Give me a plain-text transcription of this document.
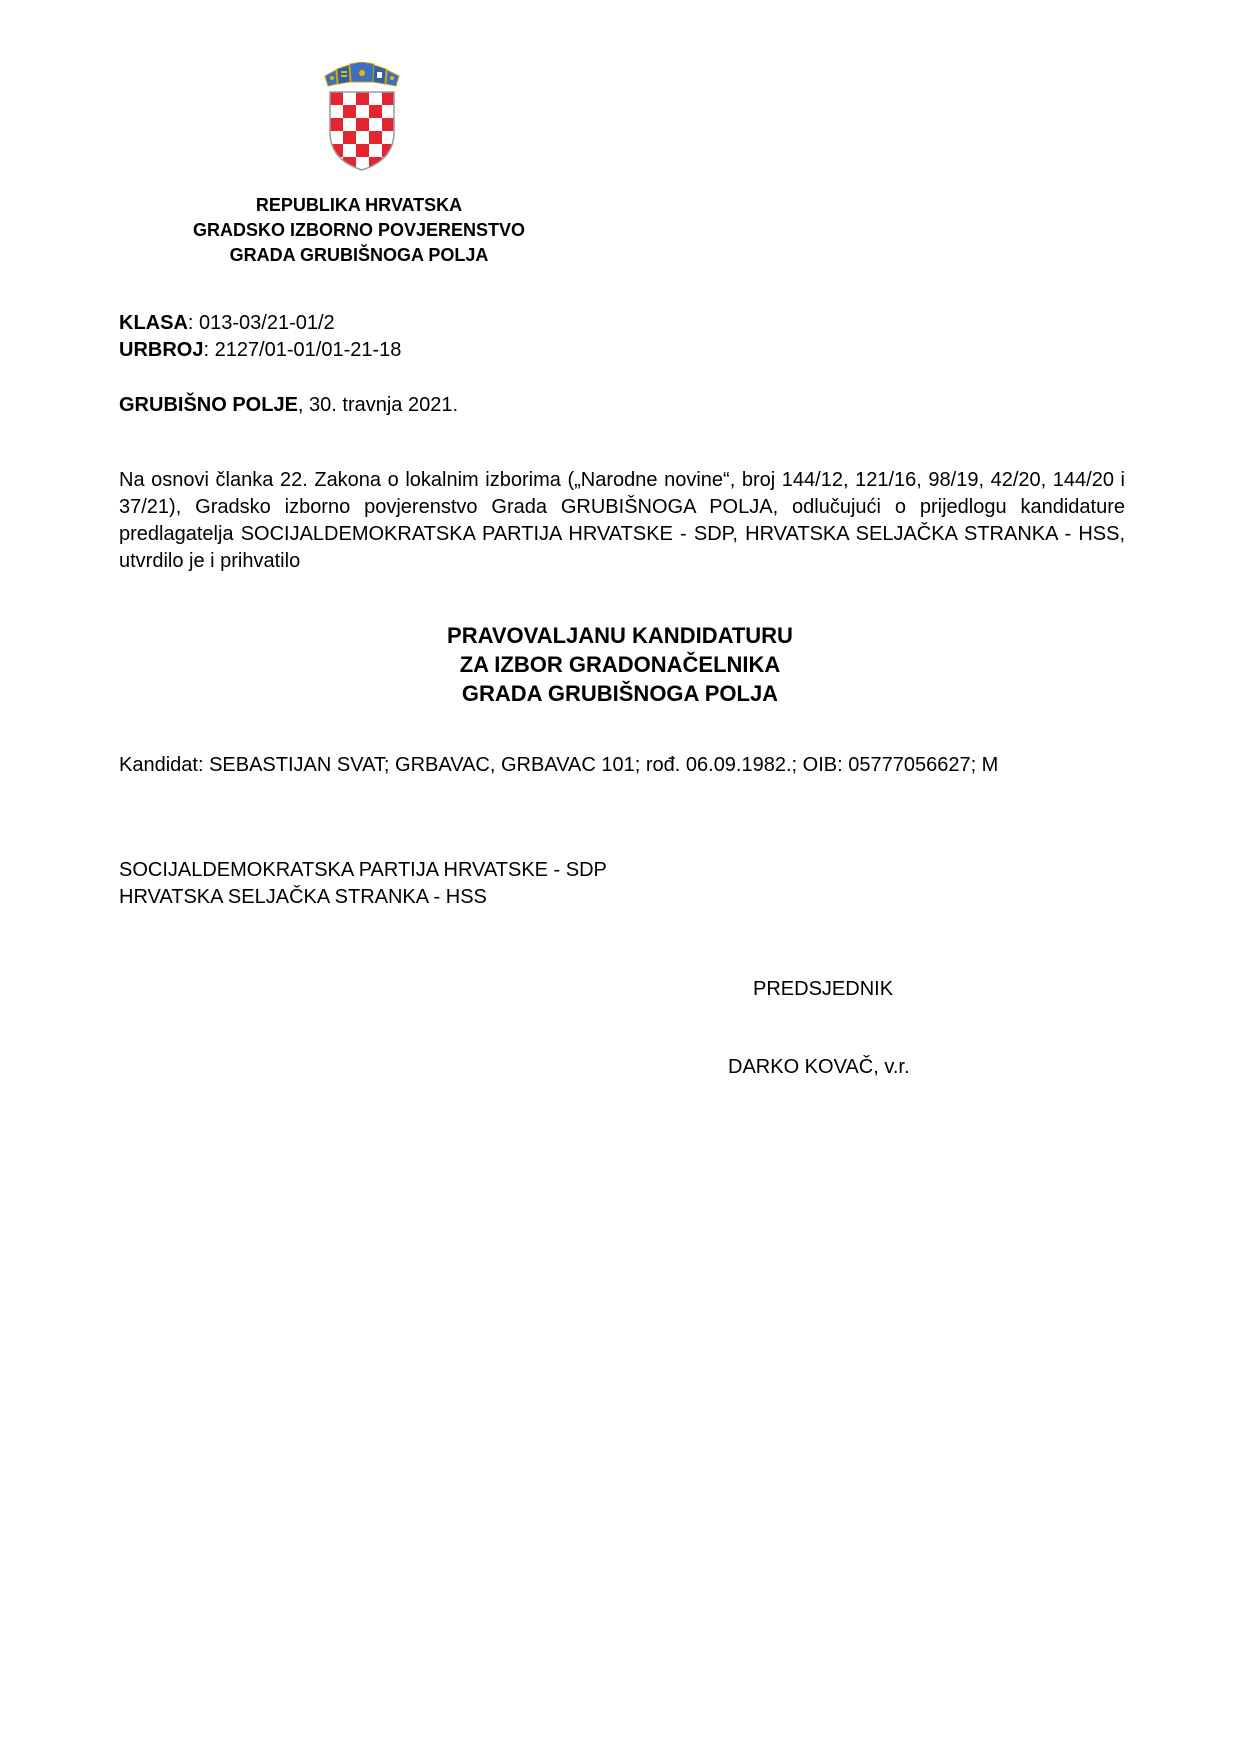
REPUBLIKA HRVATSKA
GRADSKO IZBORNO POVJERENSTVO
GRADA GRUBIŠNOGA POLJA
KLASA: 013-03/21-01/2
URBROJ: 2127/01-01/01-21-18
GRUBIŠNO POLJE, 30. travnja 2021.
Na osnovi članka 22. Zakona o lokalnim izborima („Narodne novine“, broj 144/12, 121/16, 98/19, 42/20, 144/20 i 37/21), Gradsko izborno povjerenstvo Grada GRUBIŠNOGA POLJA, odlučujući o prijedlogu kandidature predlagatelja SOCIJALDEMOKRATSKA PARTIJA HRVATSKE - SDP, HRVATSKA SELJAČKA STRANKA - HSS, utvrdilo je i prihvatilo
PRAVOVALJANU KANDIDATURU
ZA IZBOR GRADONAČELNIKA
GRADA GRUBIŠNOGA POLJA
Kandidat: SEBASTIJAN SVAT; GRBAVAC, GRBAVAC 101; rođ. 06.09.1982.; OIB: 05777056627; M
SOCIJALDEMOKRATSKA PARTIJA HRVATSKE - SDP
HRVATSKA SELJAČKA STRANKA - HSS
PREDSJEDNIK
DARKO KOVAČ, v.r.
